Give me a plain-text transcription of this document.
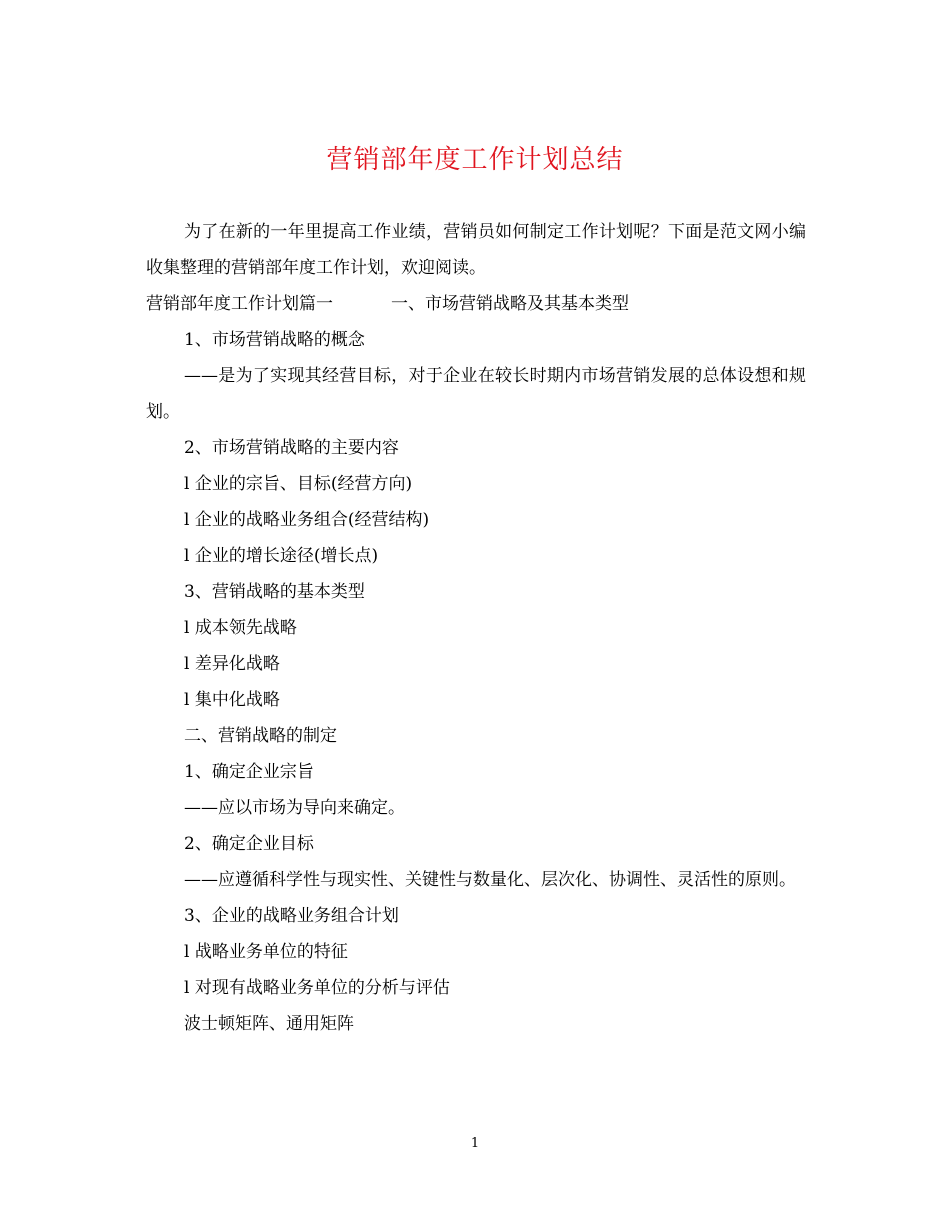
营销部年度工作计划总结

为了在新的一年里提高工作业绩，营销员如何制定工作计划呢？下面是范文网小编收集整理的营销部年度工作计划，欢迎阅读。

营销部年度工作计划篇一	一、市场营销战略及其基本类型

1、市场营销战略的概念

——是为了实现其经营目标，对于企业在较长时期内市场营销发展的总体设想和规划。

2、市场营销战略的主要内容

l 企业的宗旨、目标(经营方向)

l 企业的战略业务组合(经营结构)

l 企业的增长途径(增长点)

3、营销战略的基本类型

l 成本领先战略

l 差异化战略

l 集中化战略

二、营销战略的制定

1、确定企业宗旨

——应以市场为导向来确定。

2、确定企业目标

——应遵循科学性与现实性、关键性与数量化、层次化、协调性、灵活性的原则。

3、企业的战略业务组合计划

l 战略业务单位的特征

l 对现有战略业务单位的分析与评估

波士顿矩阵、通用矩阵

1
